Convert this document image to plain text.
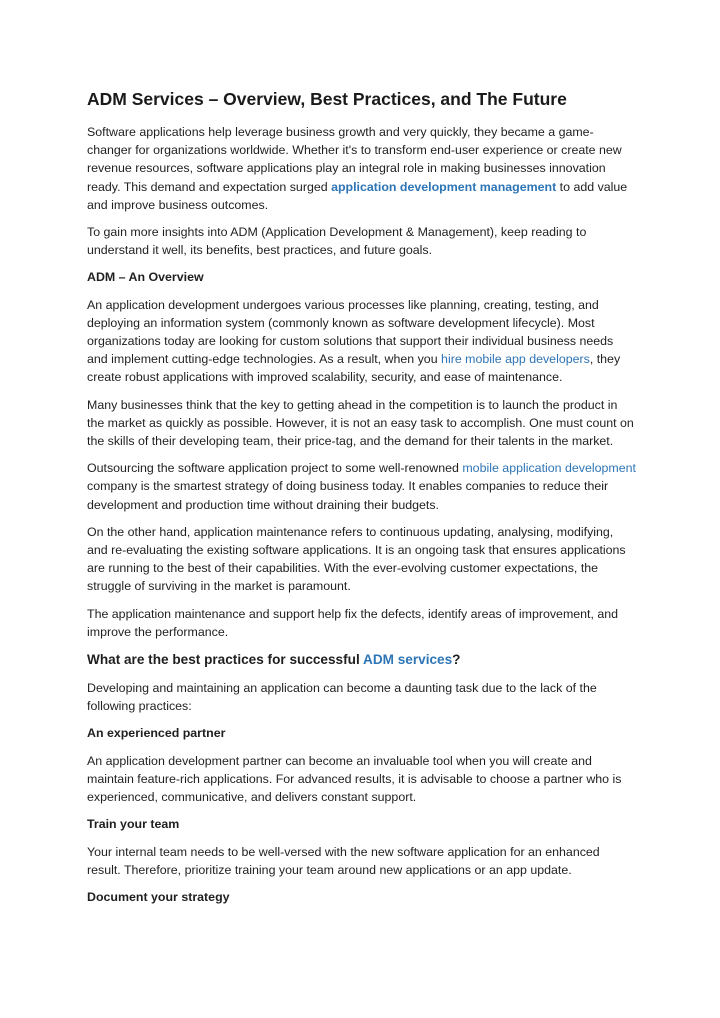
ADM Services – Overview, Best Practices, and The Future

Software applications help leverage business growth and very quickly, they became a game-changer for organizations worldwide. Whether it's to transform end-user experience or create new revenue resources, software applications play an integral role in making businesses innovation ready. This demand and expectation surged application development management to add value and improve business outcomes.

To gain more insights into ADM (Application Development & Management), keep reading to understand it well, its benefits, best practices, and future goals.

ADM – An Overview

An application development undergoes various processes like planning, creating, testing, and deploying an information system (commonly known as software development lifecycle). Most organizations today are looking for custom solutions that support their individual business needs and implement cutting-edge technologies. As a result, when you hire mobile app developers, they create robust applications with improved scalability, security, and ease of maintenance.

Many businesses think that the key to getting ahead in the competition is to launch the product in the market as quickly as possible. However, it is not an easy task to accomplish. One must count on the skills of their developing team, their price-tag, and the demand for their talents in the market.

Outsourcing the software application project to some well-renowned mobile application development company is the smartest strategy of doing business today. It enables companies to reduce their development and production time without draining their budgets.

On the other hand, application maintenance refers to continuous updating, analysing, modifying, and re-evaluating the existing software applications. It is an ongoing task that ensures applications are running to the best of their capabilities. With the ever-evolving customer expectations, the struggle of surviving in the market is paramount.

The application maintenance and support help fix the defects, identify areas of improvement, and improve the performance.

What are the best practices for successful ADM services?

Developing and maintaining an application can become a daunting task due to the lack of the following practices:

An experienced partner

An application development partner can become an invaluable tool when you will create and maintain feature-rich applications. For advanced results, it is advisable to choose a partner who is experienced, communicative, and delivers constant support.

Train your team

Your internal team needs to be well-versed with the new software application for an enhanced result. Therefore, prioritize training your team around new applications or an app update.

Document your strategy
